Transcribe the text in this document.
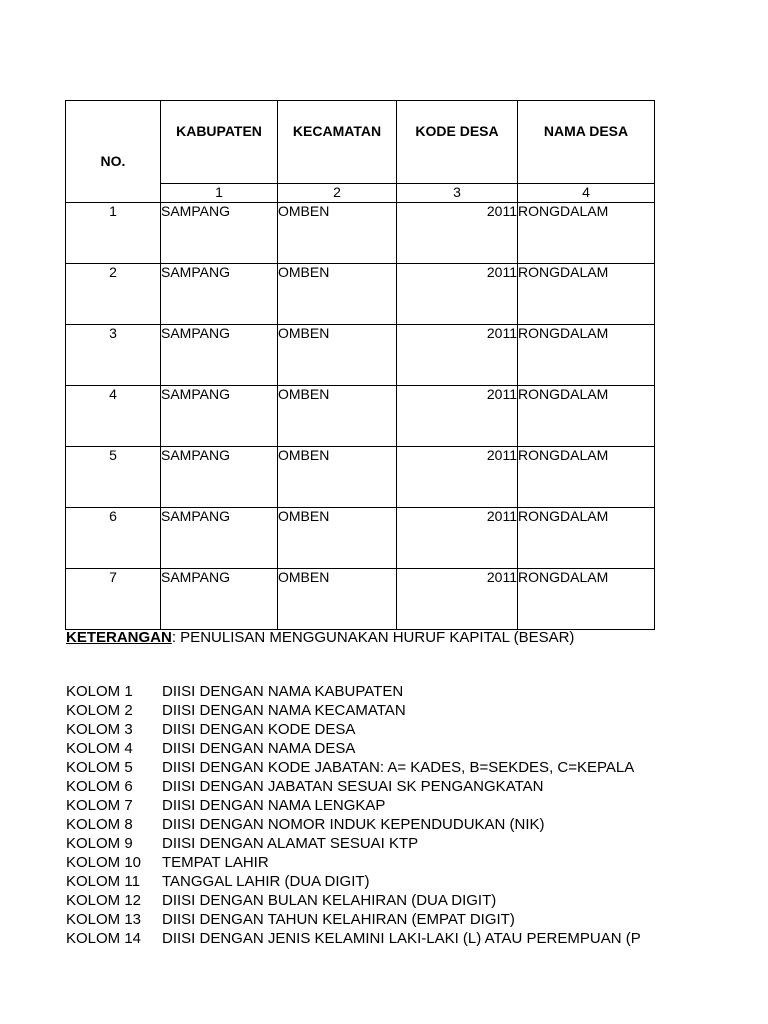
NO.	KABUPATEN	KECAMATAN	KODE DESA	NAMA DESA
	1	2	3	4
1	SAMPANG	OMBEN	2011	RONGDALAM
2	SAMPANG	OMBEN	2011	RONGDALAM
3	SAMPANG	OMBEN	2011	RONGDALAM
4	SAMPANG	OMBEN	2011	RONGDALAM
5	SAMPANG	OMBEN	2011	RONGDALAM
6	SAMPANG	OMBEN	2011	RONGDALAM
7	SAMPANG	OMBEN	2011	RONGDALAM
KETERANGAN: PENULISAN MENGGUNAKAN HURUF KAPITAL (BESAR)
KOLOM 1	DIISI DENGAN NAMA KABUPATEN
KOLOM 2	DIISI DENGAN NAMA KECAMATAN
KOLOM 3	DIISI DENGAN KODE DESA
KOLOM 4	DIISI DENGAN NAMA DESA
KOLOM 5	DIISI DENGAN KODE JABATAN: A= KADES, B=SEKDES, C=KEPALA
KOLOM 6	DIISI DENGAN JABATAN SESUAI SK PENGANGKATAN
KOLOM 7	DIISI DENGAN NAMA LENGKAP
KOLOM 8	DIISI DENGAN NOMOR INDUK KEPENDUDUKAN (NIK)
KOLOM 9	DIISI DENGAN ALAMAT SESUAI KTP
KOLOM 10	TEMPAT LAHIR
KOLOM 11	TANGGAL LAHIR (DUA DIGIT)
KOLOM 12	DIISI DENGAN BULAN KELAHIRAN (DUA DIGIT)
KOLOM 13	DIISI DENGAN TAHUN KELAHIRAN (EMPAT DIGIT)
KOLOM 14	DIISI DENGAN JENIS KELAMINI LAKI-LAKI (L) ATAU PEREMPUAN (P
